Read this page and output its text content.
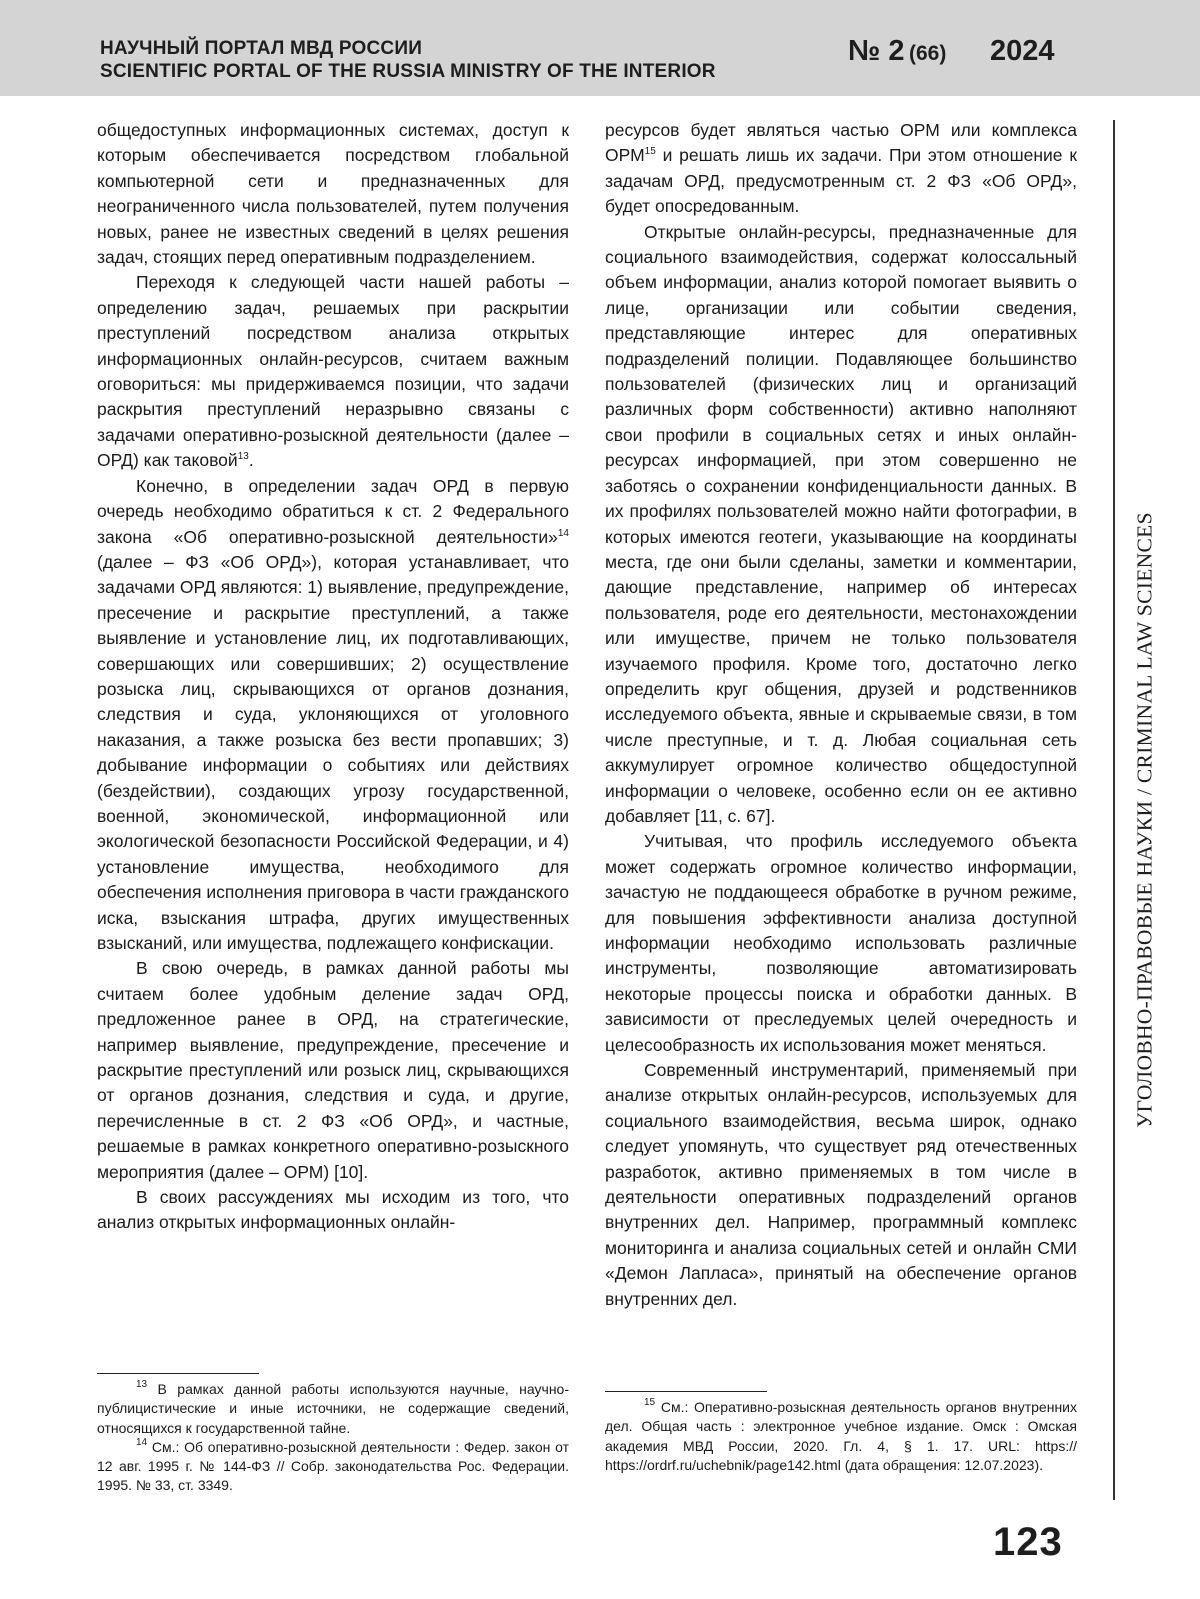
НАУЧНЫЙ ПОРТАЛ МВД РОССИИ
SCIENTIFIC PORTAL OF THE RUSSIA MINISTRY OF THE INTERIOR
№ 2 (66) 2024

общедоступных информационных системах, доступ к которым обеспечивается посредством глобальной компьютерной сети и предназначенных для неограниченного числа пользователей, путем получения новых, ранее не известных сведений в целях решения задач, стоящих перед оперативным подразделением.

Переходя к следующей части нашей работы – определению задач, решаемых при раскрытии преступлений посредством анализа открытых информационных онлайн-ресурсов, считаем важным оговориться: мы придерживаемся позиции, что задачи раскрытия преступлений неразрывно связаны с задачами оперативно-розыскной деятельности (далее – ОРД) как таковой$^{13}$.

Конечно, в определении задач ОРД в первую очередь необходимо обратиться к ст. 2 Федерального закона «Об оперативно-розыскной деятельности»$^{14}$ (далее – ФЗ «Об ОРД»), которая устанавливает, что задачами ОРД являются: 1) выявление, предупреждение, пресечение и раскрытие преступлений, а также выявление и установление лиц, их подготавливающих, совершающих или совершивших; 2) осуществление розыска лиц, скрывающихся от органов дознания, следствия и суда, уклоняющихся от уголовного наказания, а также розыска без вести пропавших; 3) добывание информации о событиях или действиях (бездействии), создающих угрозу государственной, военной, экономической, информационной или экологической безопасности Российской Федерации, и 4) установление имущества, необходимого для обеспечения исполнения приговора в части гражданского иска, взыскания штрафа, других имущественных взысканий, или имущества, подлежащего конфискации.

В свою очередь, в рамках данной работы мы считаем более удобным деление задач ОРД, предложенное ранее в ОРД, на стратегические, например выявление, предупреждение, пресечение и раскрытие преступлений или розыск лиц, скрывающихся от органов дознания, следствия и суда, и другие, перечисленные в ст. 2 ФЗ «Об ОРД», и частные, решаемые в рамках конкретного оперативно-розыскного мероприятия (далее – ОРМ) [10].

В своих рассуждениях мы исходим из того, что анализ открытых информационных онлайн-

ресурсов будет являться частью ОРМ или комплекса ОРМ$^{15}$ и решать лишь их задачи. При этом отношение к задачам ОРД, предусмотренным ст. 2 ФЗ «Об ОРД», будет опосредованным.

Открытые онлайн-ресурсы, предназначенные для социального взаимодействия, содержат колоссальный объем информации, анализ которой помогает выявить о лице, организации или событии сведения, представляющие интерес для оперативных подразделений полиции. Подавляющее большинство пользователей (физических лиц и организаций различных форм собственности) активно наполняют свои профили в социальных сетях и иных онлайн-ресурсах информацией, при этом совершенно не заботясь о сохранении конфиденциальности данных. В их профилях пользователей можно найти фотографии, в которых имеются геотеги, указывающие на координаты места, где они были сделаны, заметки и комментарии, дающие представление, например об интересах пользователя, роде его деятельности, местонахождении или имуществе, причем не только пользователя изучаемого профиля. Кроме того, достаточно легко определить круг общения, друзей и родственников исследуемого объекта, явные и скрываемые связи, в том числе преступные, и т. д. Любая социальная сеть аккумулирует огромное количество общедоступной информации о человеке, особенно если он ее активно добавляет [11, с. 67].

Учитывая, что профиль исследуемого объекта может содержать огромное количество информации, зачастую не поддающееся обработке в ручном режиме, для повышения эффективности анализа доступной информации необходимо использовать различные инструменты, позволяющие автоматизировать некоторые процессы поиска и обработки данных. В зависимости от преследуемых целей очередность и целесообразность их использования может меняться.

Современный инструментарий, применяемый при анализе открытых онлайн-ресурсов, используемых для социального взаимодействия, весьма широк, однако следует упомянуть, что существует ряд отечественных разработок, активно применяемых в том числе в деятельности оперативных подразделений органов внутренних дел. Например, программный комплекс мониторинга и анализа социальных сетей и онлайн СМИ «Демон Лапласа», принятый на обеспечение органов внутренних дел.

$^{13}$ В рамках данной работы используются научные, научно-публицистические и иные источники, не содержащие сведений, относящихся к государственной тайне.

$^{14}$ См.: Об оперативно-розыскной деятельности : Федер. закон от 12 авг. 1995 г. № 144-ФЗ // Собр. законодательства Рос. Федерации. 1995. № 33, ст. 3349.

$^{15}$ См.: Оперативно-розыскная деятельность органов внутренних дел. Общая часть : электронное учебное издание. Омск : Омская академия МВД России, 2020. Гл. 4, § 1. 17. URL: https:// https://ordrf.ru/uchebnik/page142.html (дата обращения: 12.07.2023).

УГОЛОВНО-ПРАВОВЫЕ НАУКИ / CRIMINAL LAW SCIENCES
123
